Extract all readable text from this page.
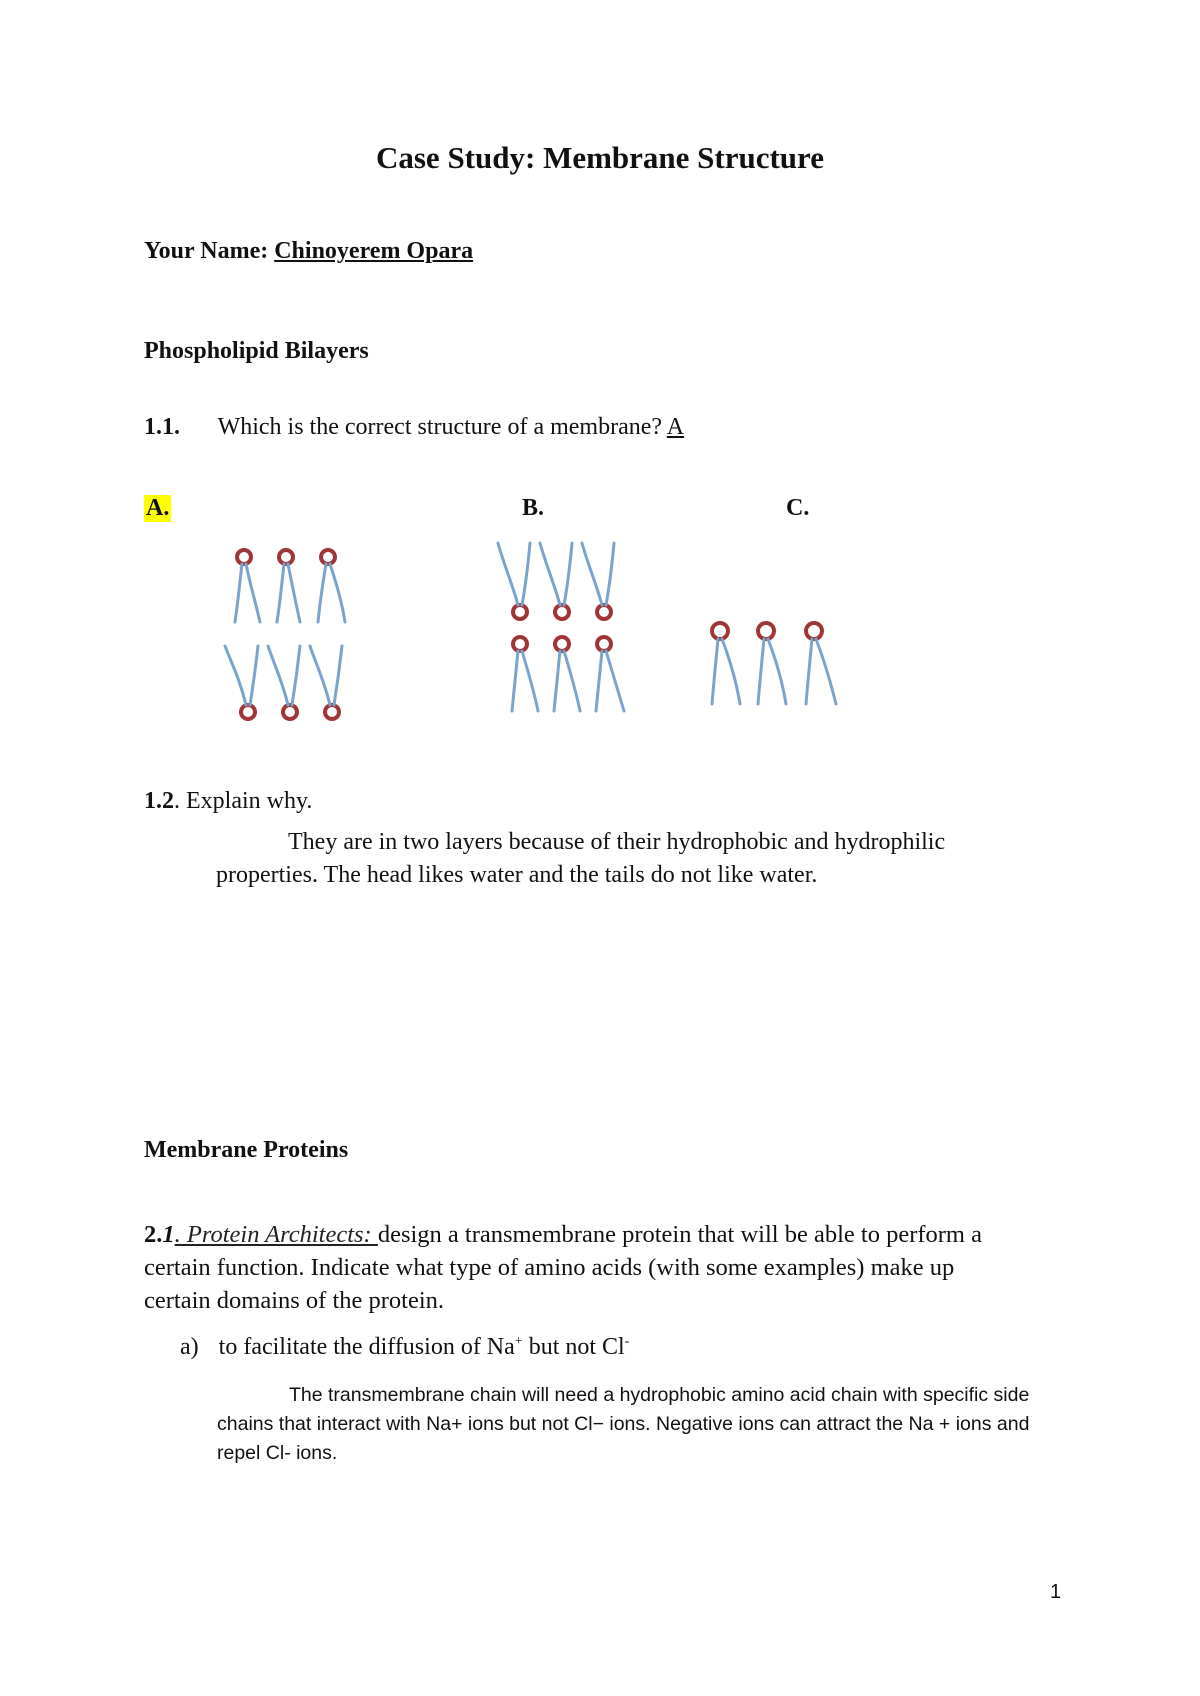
Case Study: Membrane Structure
Your Name: Chinoyerem Opara
Phospholipid Bilayers
1.1. Which is the correct structure of a membrane? A
A.	B.	C.
1.2. Explain why.
They are in two layers because of their hydrophobic and hydrophilic properties. The head likes water and the tails do not like water.
Membrane Proteins
2.1. Protein Architects: design a transmembrane protein that will be able to perform a certain function. Indicate what type of amino acids (with some examples) make up certain domains of the protein.
a) to facilitate the diffusion of Na+ but not Cl-
The transmembrane chain will need a hydrophobic amino acid chain with specific side chains that interact with Na+ ions but not Cl− ions. Negative ions can attract the Na + ions and repel Cl- ions.
1
